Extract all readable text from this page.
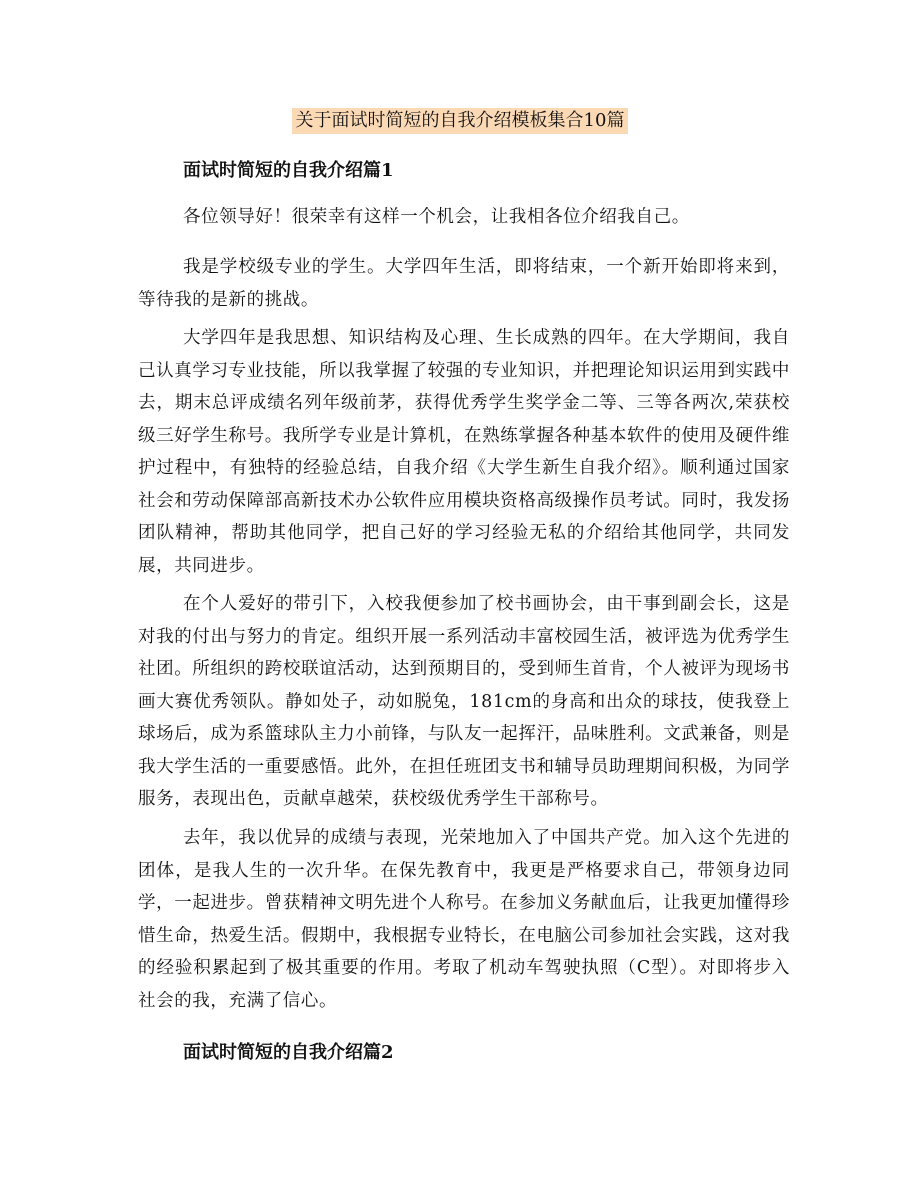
关于面试时简短的自我介绍模板集合10篇
面试时简短的自我介绍篇1

各位领导好！很荣幸有这样一个机会，让我相各位介绍我自己。

我是学校级专业的学生。大学四年生活，即将结束，一个新开始即将来到，等待我的是新的挑战。

大学四年是我思想、知识结构及心理、生长成熟的四年。在大学期间，我自己认真学习专业技能，所以我掌握了较强的专业知识，并把理论知识运用到实践中去，期末总评成绩名列年级前茅，获得优秀学生奖学金二等、三等各两次,荣获校级三好学生称号。我所学专业是计算机，在熟练掌握各种基本软件的使用及硬件维护过程中，有独特的经验总结，自我介绍《大学生新生自我介绍》。顺利通过国家社会和劳动保障部高新技术办公软件应用模块资格高级操作员考试。同时，我发扬团队精神，帮助其他同学，把自己好的学习经验无私的介绍给其他同学，共同发展，共同进步。

在个人爱好的带引下，入校我便参加了校书画协会，由干事到副会长，这是对我的付出与努力的肯定。组织开展一系列活动丰富校园生活，被评选为优秀学生社团。所组织的跨校联谊活动，达到预期目的，受到师生首肯，个人被评为现场书画大赛优秀领队。静如处子，动如脱兔，181cm的身高和出众的球技，使我登上球场后，成为系篮球队主力小前锋，与队友一起挥汗，品味胜利。文武兼备，则是我大学生活的一重要感悟。此外，在担任班团支书和辅导员助理期间积极，为同学服务，表现出色，贡献卓越荣，获校级优秀学生干部称号。

去年，我以优异的成绩与表现，光荣地加入了中国共产党。加入这个先进的团体，是我人生的一次升华。在保先教育中，我更是严格要求自己，带领身边同学，一起进步。曾获精神文明先进个人称号。在参加义务献血后，让我更加懂得珍惜生命，热爱生活。假期中，我根据专业特长，在电脑公司参加社会实践，这对我的经验积累起到了极其重要的作用。考取了机动车驾驶执照（C型）。对即将步入社会的我，充满了信心。

面试时简短的自我介绍篇2
